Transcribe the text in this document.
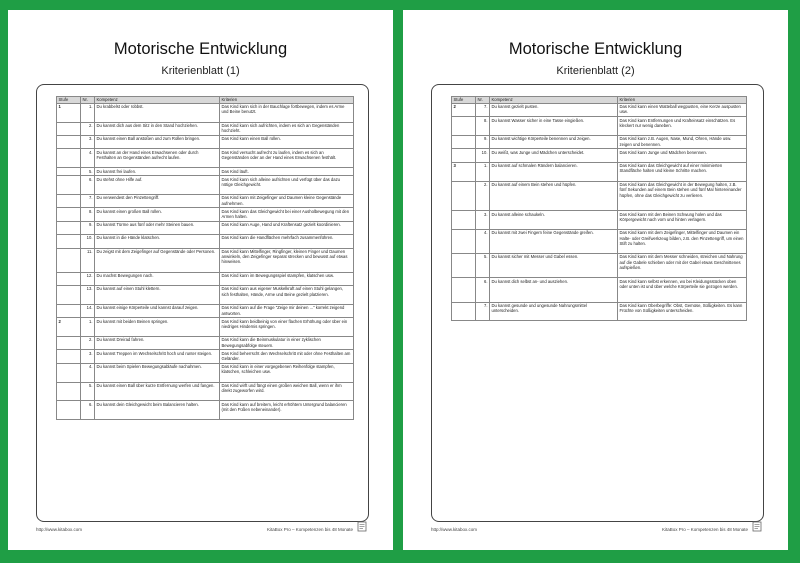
Motorische Entwicklung
Kriterienblatt (1)
Stufe	Nr.	Kompetenz	Kriterien
1	1.	Du krabbelst oder robbst.	Das Kind kann sich in der Bauchlage fortbewegen, indem es Arme und Beine benutzt.
	2.	Du kannst dich aus dem Sitz in den Stand hochziehen.	Das Kind kann sich aufrichten, indem es sich an Gegenständen hochzieht.
	3.	Du kannst einen Ball anstoßen und zum Rollen bringen.	Das Kind kann einen Ball rollen.
	4.	Du kannst an der Hand eines Erwachsenen oder durch Festhalten an Gegenständen aufrecht laufen.	Das Kind versucht aufrecht zu laufen, indem es sich an Gegenständen oder an der Hand eines Erwachsenen festhält.
	5.	Du kannst frei laufen.	Das Kind läuft.
	6.	Du stehst ohne Hilfe auf.	Das Kind kann sich alleine aufrichten und verfügt über das dazu nötige Gleichgewicht.
	7.	Du verwendest den Pinzettengriff.	Das Kind kann mit Zeigefinger und Daumen kleine Gegenstände aufnehmen.
	8.	Du kannst einen großen Ball rollen.	Das Kind kann das Gleichgewicht bei einer Ausholbewegung mit den Armen halten.
	9.	Du kannst Türme aus fünf oder mehr Steinen bauen.	Das Kind kann Auge, Hand und Kraftensatz gezielt koordinieren.
	10.	Du kannst in die Hände klatschen.	Das Kind kann die Handflächen mehrfach zusammenführen.
	11.	Du zeigst mit dem Zeigefinger auf Gegenstände oder Personen.	Das Kind kann Mittelfinger, Ringfinger, kleinen Finger und Daumen anwinkeln, den Zeigefinger separat strecken und bewusst auf etwas hinweisen.
	12.	Du machst Bewegungen nach.	Das Kind kann im Bewegungsspiel stampfen, klatschen usw.
	13.	Du kannst auf einen Stuhl klettern.	Das Kind kann aus eigener Muskelkraft auf einen Stuhl gelangen, sich festhalten, Hände, Arme und Beine gezielt platzieren.
	14.	Du kannst einige Körperteile und kannst darauf zeigen.	Das Kind kann auf die Frage "Zeige mir deinen ..." korrekt zeigend antworten.
2	1.	Du kannst mit beiden Beinen springen.	Das Kind kann beidbeinig von einer flachen Erhöhung oder über ein niedriges Hindernis springen.
	2.	Du kannst Dreirad fahren.	Das Kind kann die Beinmuskulatur in einer zyklischen Bewegungsabfolge steuern.
	3.	Du kannst Treppen im Wechselschritt hoch und runter steigen.	Das Kind beherrscht den Wechselschritt mit oder ohne Festhalten am Geländer.
	4.	Du kannst beim Spielen Bewegungsabläufe nachahmen.	Das Kind kann in einer vorgegebenen Reihenfolge stampfen, klatschen, schleichen usw.
	5.	Du kannst einen Ball über kurze Entfernung werfen und fangen.	Das Kind wirft und fängt einen großen weichen Ball, wenn er ihm direkt zugeworfen wird.
	6.	Du kannst dein Gleichgewicht beim Balancieren halten.	Das Kind kann auf breitem, leicht erhöhtem Untergrund balancieren (mit den Füßen nebeneinander).
http://www.kitabox.com	KitaBox Pro – Kompetenzen bis 48 Monate
Motorische Entwicklung
Kriterienblatt (2)
Stufe	Nr.	Kompetenz	Kriterien
2	7.	Du kannst gezielt pusten.	Das Kind kann einen Watteball wegpusten, eine Kerze auspusten usw.
	8.	Du kannst Wasser sicher in eine Tasse eingießen.	Das Kind kann Entfernungen und Krafteinsatz einschätzen. Es kleckert nur wenig daneben.
	9.	Du kannst wichtige Körperteile benennen und zeigen.	Das Kind kann z.B. Augen, Nase, Mund, Ohren, Hände usw. zeigen und benennen.
	10.	Du weißt, was Junge und Mädchen unterscheidet.	Das Kind kann Junge und Mädchen benennen.
3	1.	Du kannst auf schmalen Rändern balancieren.	Das Kind kann das Gleichgewicht auf einer minimierten Standfläche halten und kleine Schritte machen.
	2.	Du kannst auf einem Bein stehen und hüpfen.	Das Kind kann das Gleichgewicht in der Bewegung halten, z.B. fünf Sekunden auf einem Bein stehen und fünf Mal hintereinander hüpfen, ohne das Gleichgewicht zu verlieren.
	3.	Du kannst alleine schaukeln.	Das Kind kann mit den Beinen Schwung holen und das Körpergewicht nach vorn und hinten verlagern.
	4.	Du kannst mit zwei Fingern feine Gegenstände greifen.	Das Kind kann mit dem Zeigefinger, Mittelfinger und Daumen ein Halte- oder Greifwerkzeug bilden, z.B. den Pinzettengriff, um einen Stift zu halten.
	5.	Du kannst sicher mit Messer und Gabel essen.	Das Kind kann mit dem Messer schneiden, streichen und Nahrung auf die Gabele schieben oder mit der Gabel etwas Geschnittenes aufspießen.
	6.	Du kannst dich selbst an- und ausziehen.	Das Kind kann selbst erkennen, wo bei Kleidungsstücken oben oder unten ist und über welche Körperteile sie gezogen werden.
	7.	Du kannst gesunde und ungesunde Nahrungsmittel unterscheiden.	Das Kind kann Oberbegriffe: Obst, Gemüse, Süßigkeiten. Es kann Früchte von Süßigkeiten unterscheiden.
http://www.kitabox.com	KitaBox Pro – Kompetenzen bis 48 Monate
